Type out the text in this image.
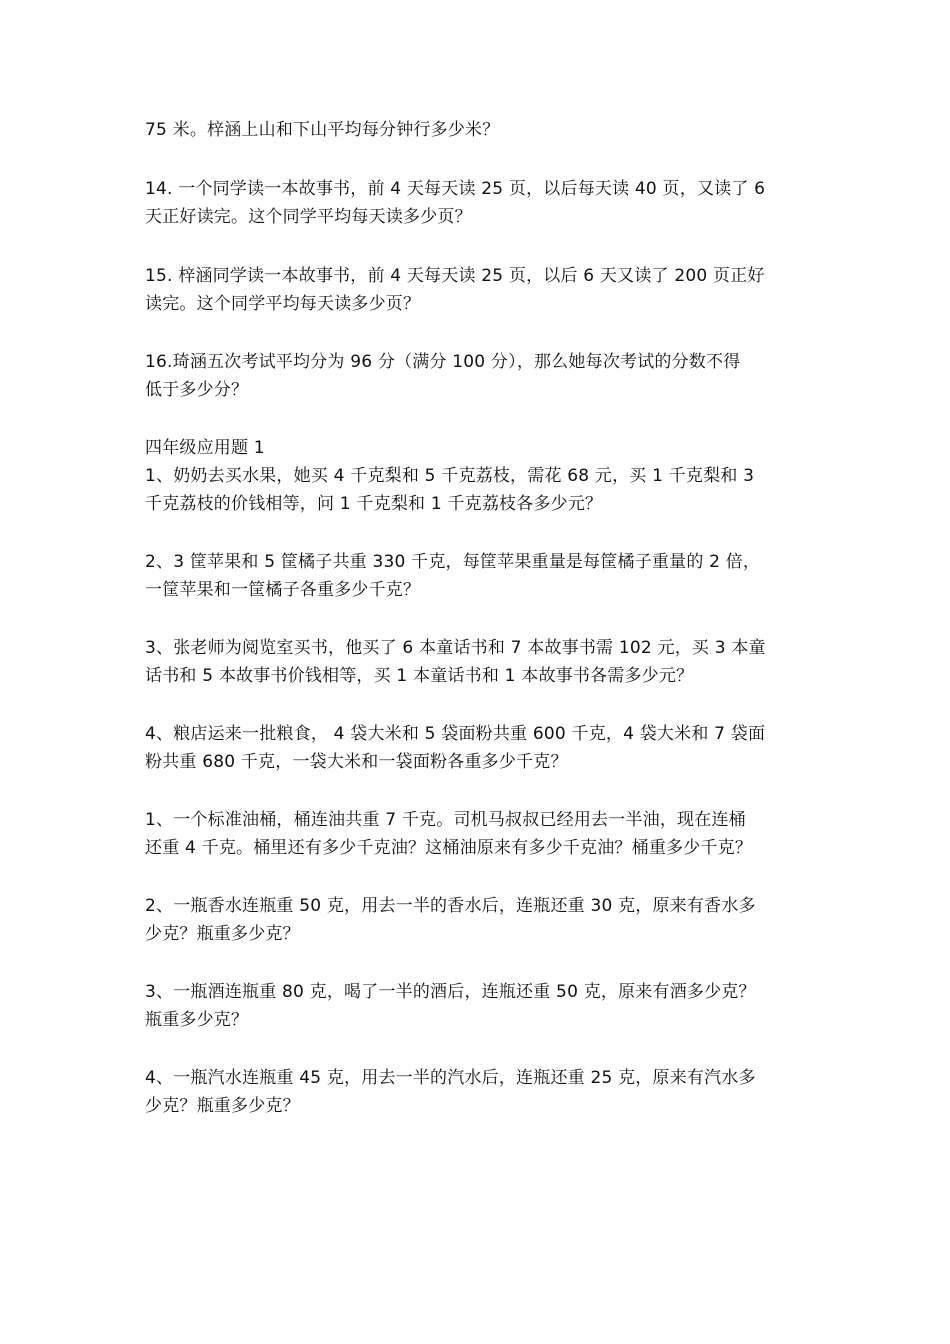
75 米。梓涵上山和下山平均每分钟行多少米？
14. 一个同学读一本故事书，前 4 天每天读 25 页，以后每天读 40 页，又读了 6
天正好读完。这个同学平均每天读多少页？
15. 梓涵同学读一本故事书，前 4 天每天读 25 页，以后 6 天又读了 200 页正好
读完。这个同学平均每天读多少页？
16.琦涵五次考试平均分为 96 分（满分 100 分），那么她每次考试的分数不得
低于多少分？
四年级应用题 1
1、奶奶去买水果，她买 4 千克梨和 5 千克荔枝，需花 68 元，买 1 千克梨和 3
千克荔枝的价钱相等，问 1 千克梨和 1 千克荔枝各多少元？
2、3 筐苹果和 5 筐橘子共重 330 千克，每筐苹果重量是每筐橘子重量的 2 倍，
一筐苹果和一筐橘子各重多少千克？
3、张老师为阅览室买书，他买了 6 本童话书和 7 本故事书需 102 元，买 3 本童
话书和 5 本故事书价钱相等，买 1 本童话书和 1 本故事书各需多少元？
4、粮店运来一批粮食， 4 袋大米和 5 袋面粉共重 600 千克，4 袋大米和 7 袋面
粉共重 680 千克，一袋大米和一袋面粉各重多少千克？
1、一个标准油桶，桶连油共重 7 千克。司机马叔叔已经用去一半油，现在连桶
还重 4 千克。桶里还有多少千克油？这桶油原来有多少千克油？桶重多少千克？
2、一瓶香水连瓶重 50 克，用去一半的香水后，连瓶还重 30 克，原来有香水多
少克？瓶重多少克？
3、一瓶酒连瓶重 80 克，喝了一半的酒后，连瓶还重 50 克，原来有酒多少克？
瓶重多少克？
4、一瓶汽水连瓶重 45 克，用去一半的汽水后，连瓶还重 25 克，原来有汽水多
少克？瓶重多少克？
